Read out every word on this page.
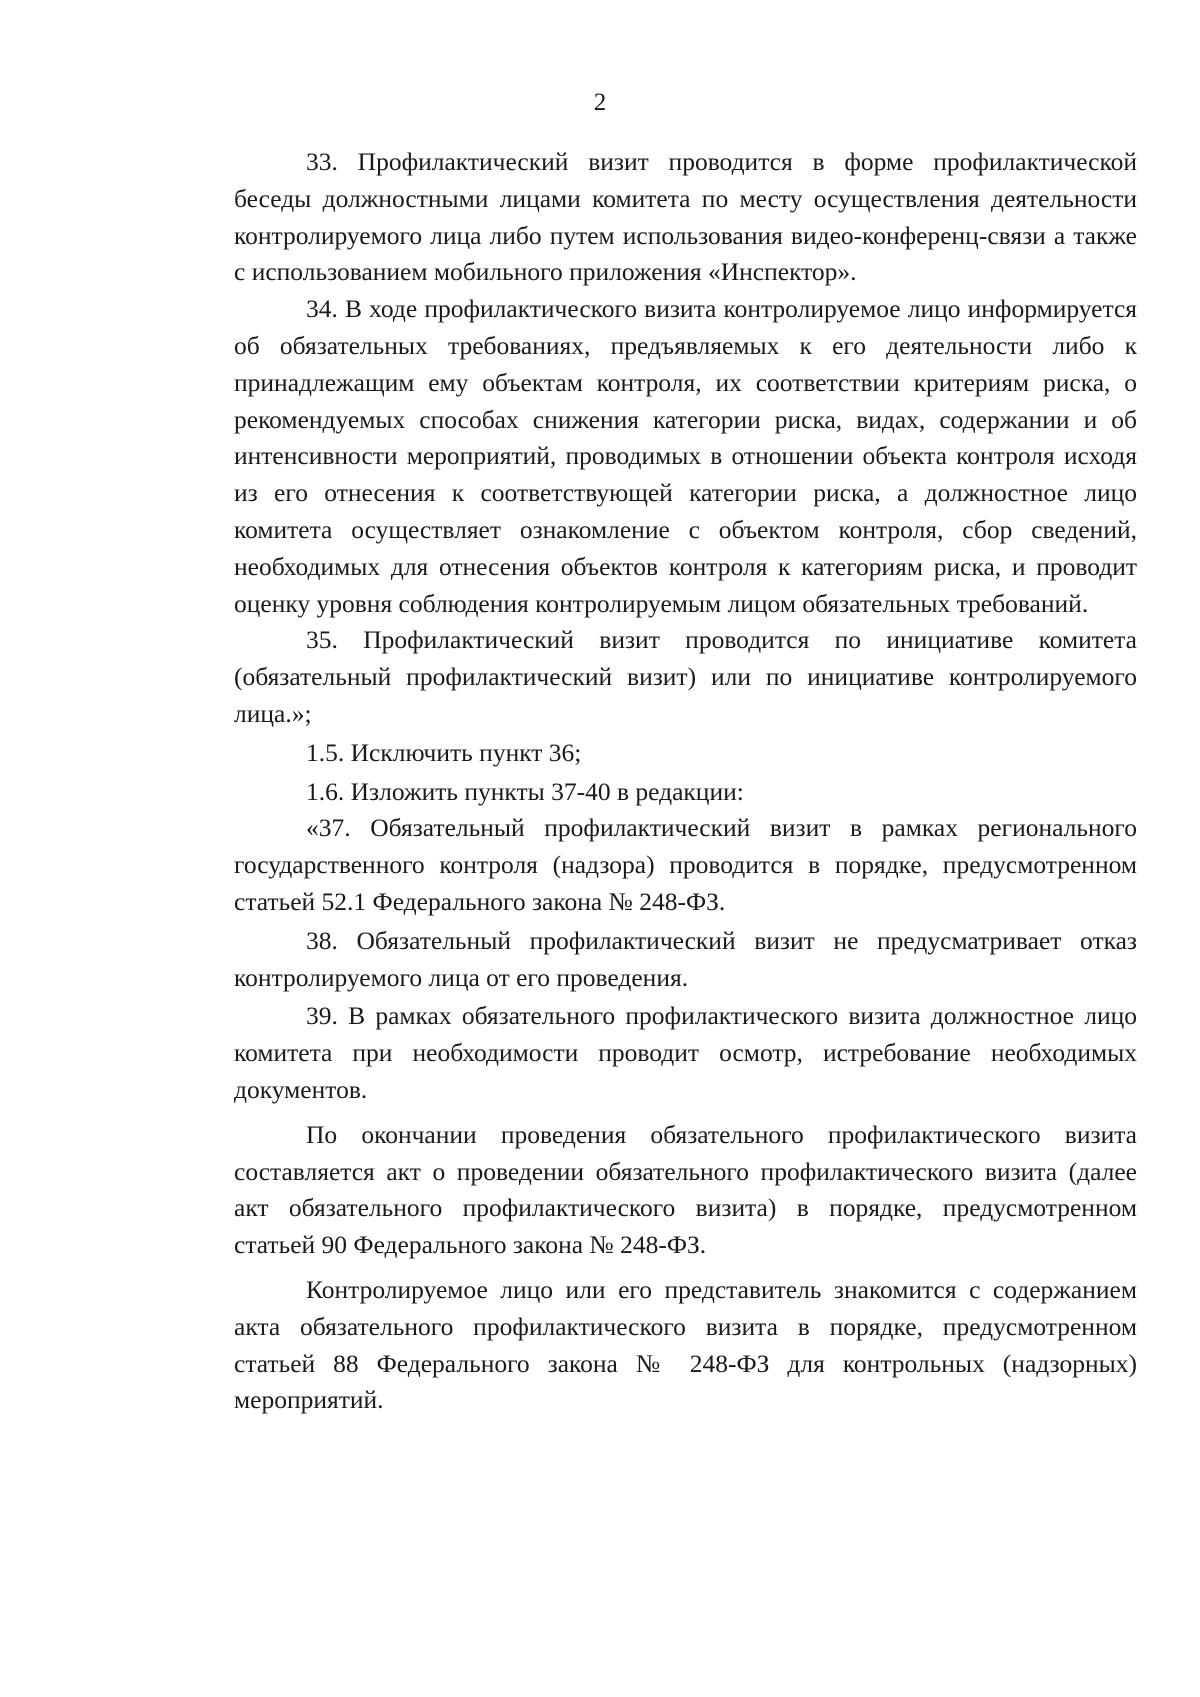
2

33. Профилактический визит проводится в форме профилактической беседы должностными лицами комитета по месту осуществления деятельности контролируемого лица либо путем использования видео-конференц-связи а также с использованием мобильного приложения «Инспектор».

34. В ходе профилактического визита контролируемое лицо информируется об обязательных требованиях, предъявляемых к его деятельности либо к принадлежащим ему объектам контроля, их соответствии критериям риска, о рекомендуемых способах снижения категории риска, видах, содержании и об интенсивности мероприятий, проводимых в отношении объекта контроля исходя из его отнесения к соответствующей категории риска, а должностное лицо комитета осуществляет ознакомление с объектом контроля, сбор сведений, необходимых для отнесения объектов контроля к категориям риска, и проводит оценку уровня соблюдения контролируемым лицом обязательных требований.

35. Профилактический визит проводится по инициативе комитета (обязательный профилактический визит) или по инициативе контролируемого лица.»;

1.5. Исключить пункт 36;

1.6. Изложить пункты 37-40 в редакции:

«37. Обязательный профилактический визит в рамках регионального государственного контроля (надзора) проводится в порядке, предусмотренном статьей 52.1 Федерального закона № 248-ФЗ.

38. Обязательный профилактический визит не предусматривает отказ контролируемого лица от его проведения.

39. В рамках обязательного профилактического визита должностное лицо комитета при необходимости проводит осмотр, истребование необходимых документов.

По окончании проведения обязательного профилактического визита составляется акт о проведении обязательного профилактического визита (далее акт обязательного профилактического визита) в порядке, предусмотренном статьей 90 Федерального закона № 248-ФЗ.

Контролируемое лицо или его представитель знакомится с содержанием акта обязательного профилактического визита в порядке, предусмотренном статьей 88 Федерального закона № 248-ФЗ для контрольных (надзорных) мероприятий.
